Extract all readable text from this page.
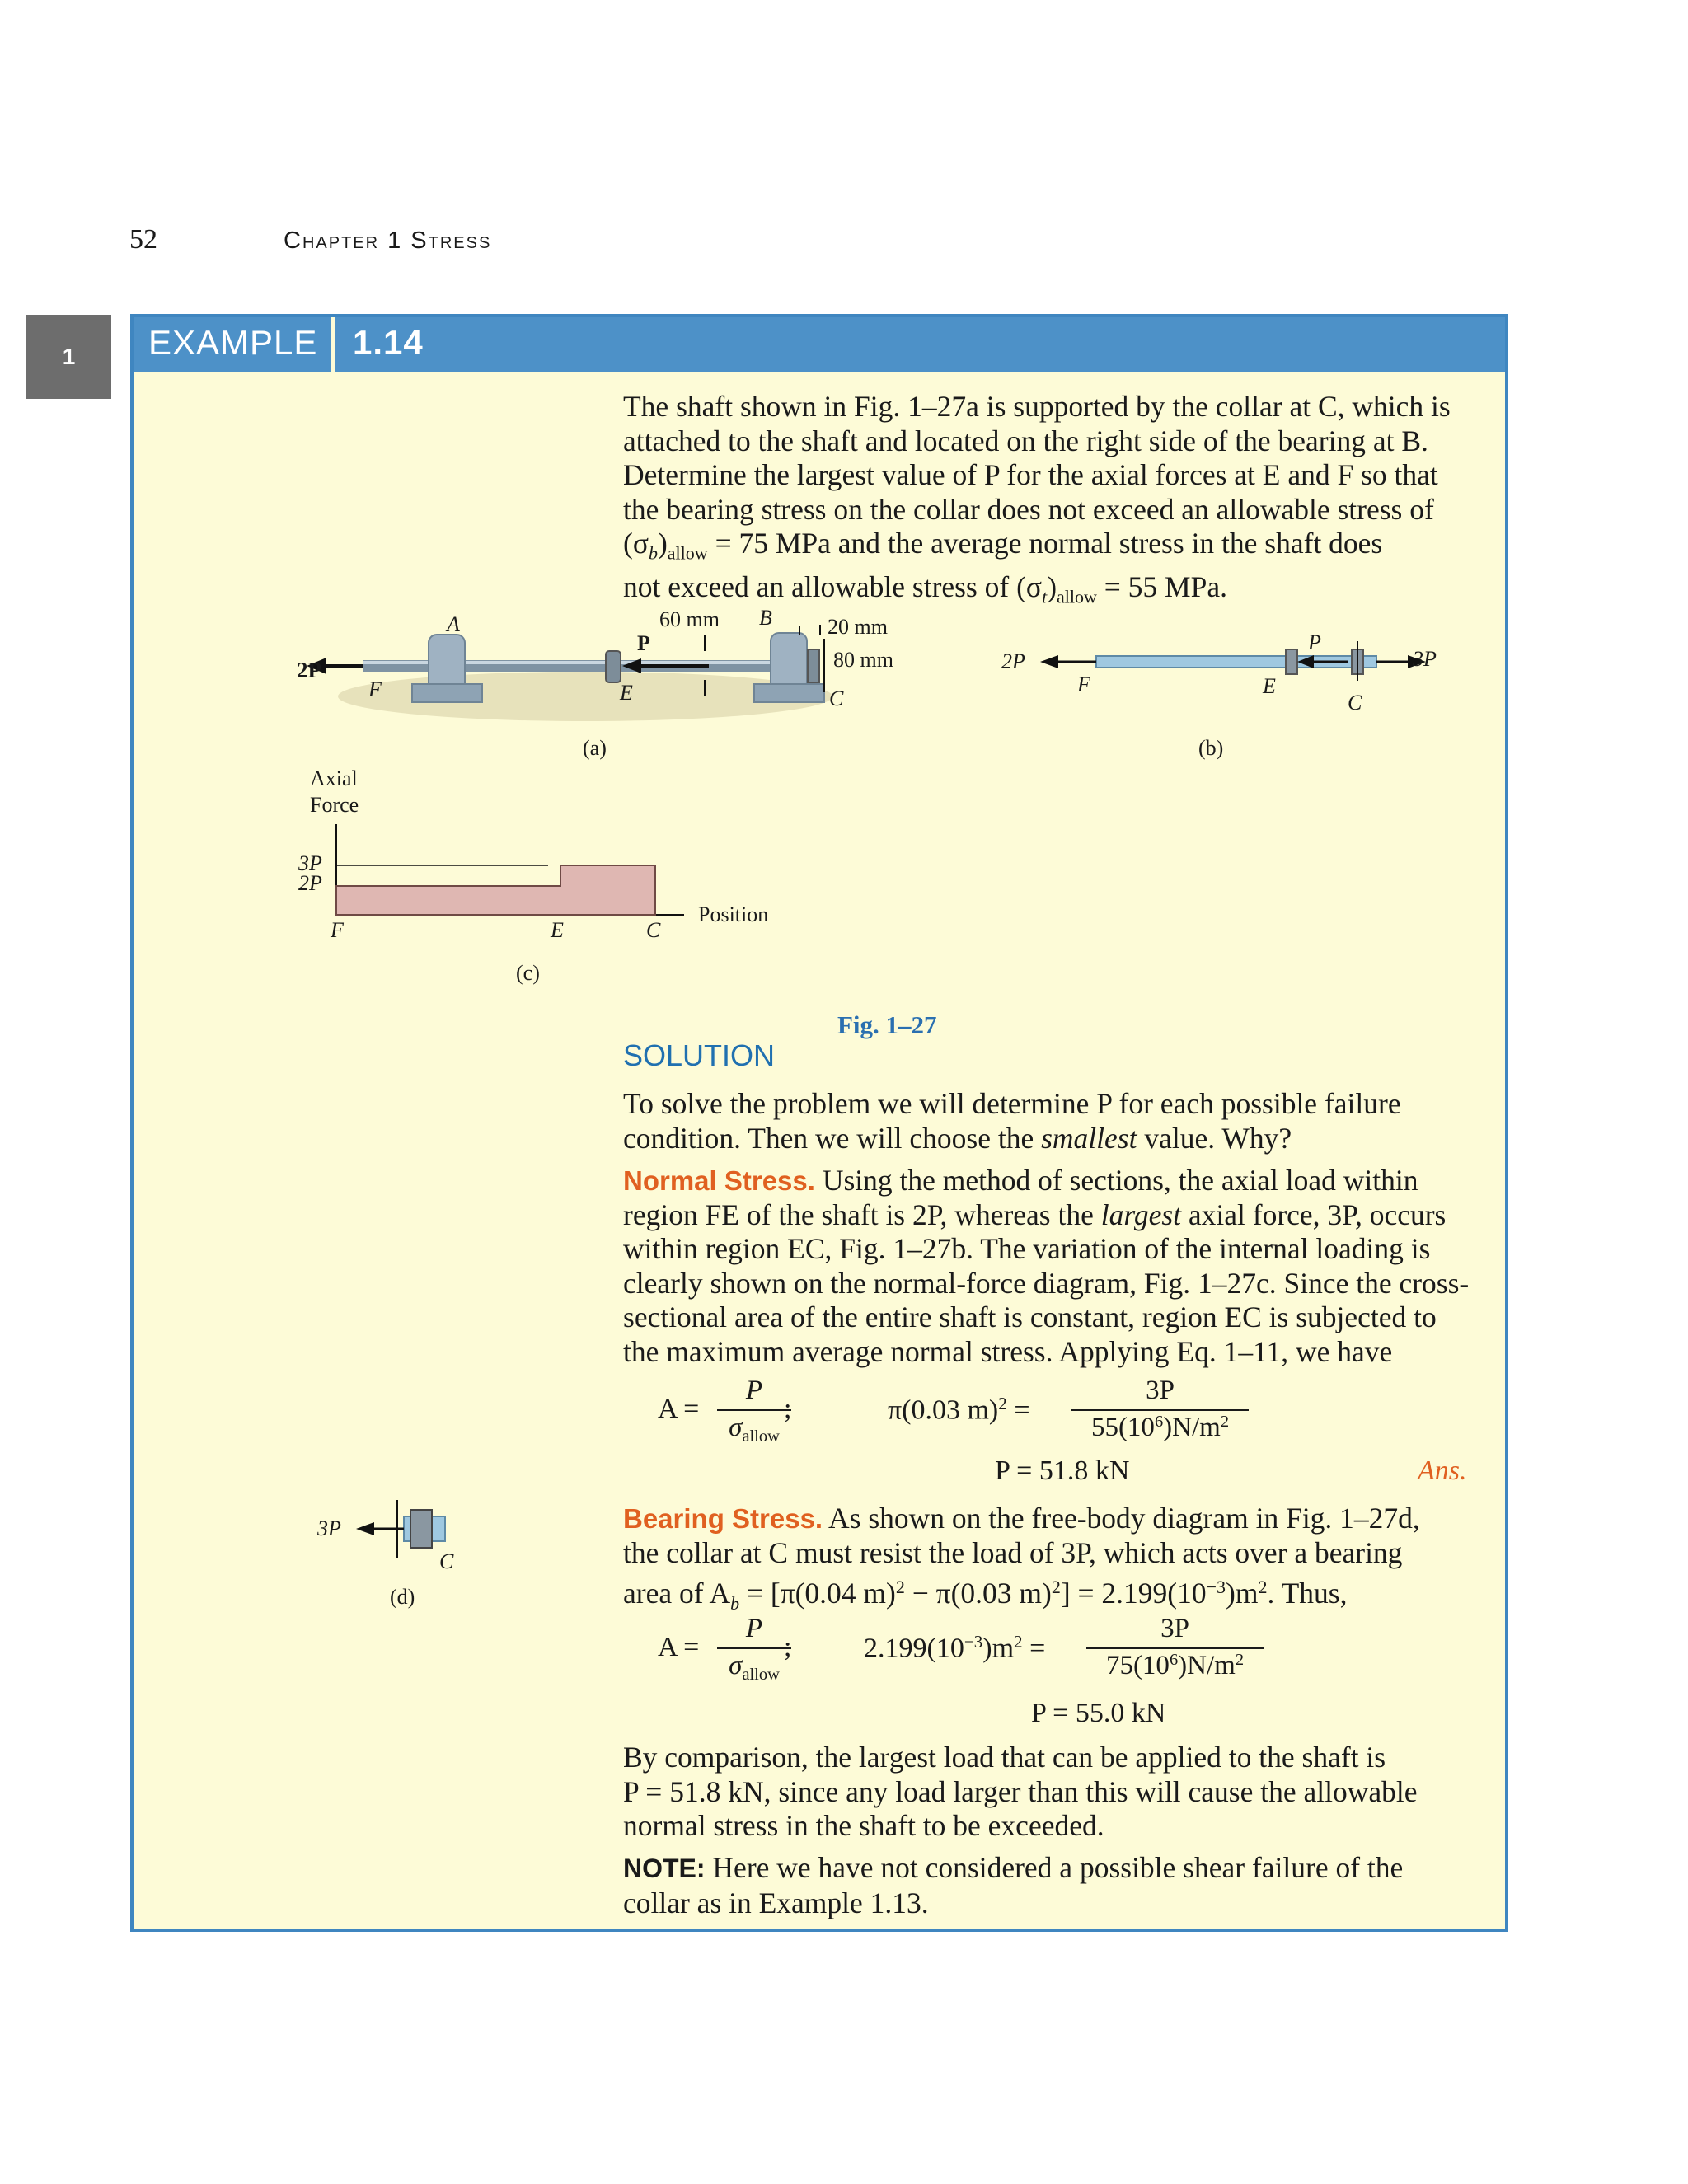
52	Chapter 1 Stress
1	EXAMPLE 1.14

The shaft shown in Fig. 1–27a is supported by the collar at C, which is

attached to the shaft and located on the right side of the bearing at B.

Determine the largest value of P for the axial forces at E and F so that

the bearing stress on the collar does not exceed an allowable stress of

$(\sigma_b)_{allow} = 75$ MPa and the average normal stress in the shaft does

not exceed an allowable stress of $(\sigma_t)_{allow} = 55$ MPa.

2P
A
F	E
P
60 mm B	20 mm
80 mm
C
(a)
2P
F	E
P
C
3P
(b)
Axial
Force
3P
2P
F	E	C
Position
(c)
3P
C
(d)
Fig. 1–27
SOLUTION

To solve the problem we will determine P for each possible failure

condition. Then we will choose the smallest value. Why?

Normal Stress. Using the method of sections, the axial load within

region FE of the shaft is 2P, whereas the largest axial force, 3P, occurs

within region EC, Fig. 1–27b. The variation of the internal loading is

clearly shown on the normal-force diagram, Fig. 1–27c. Since the cross-

sectional area of the entire shaft is constant, region EC is subjected to

the maximum average normal stress. Applying Eq. 1–11, we have

A =
P
$\sigma_{allow}$
;	π(0.03 m)$^2$ =
3P
$55(10^6)N/m^2$
P = 51.8 kN	Ans.

Bearing Stress. As shown on the free-body diagram in Fig. 1–27d,

the collar at C must resist the load of 3P, which acts over a bearing

area of $A_b = [\pi(0.04$ m)$^2$ − π(0.03 $m)^2] = 2.199(10^{-3})m^2$. Thus,

A =
P
$\sigma_{allow}$
;	$2.199(10^{-3})m^2$ =
3P
$75(10^6)N/m^2$
P = 55.0 kN

By comparison, the largest load that can be applied to the shaft is

P = 51.8 kN, since any load larger than this will cause the allowable

normal stress in the shaft to be exceeded.

NOTE: Here we have not considered a possible shear failure of the

collar as in Example 1.13.
